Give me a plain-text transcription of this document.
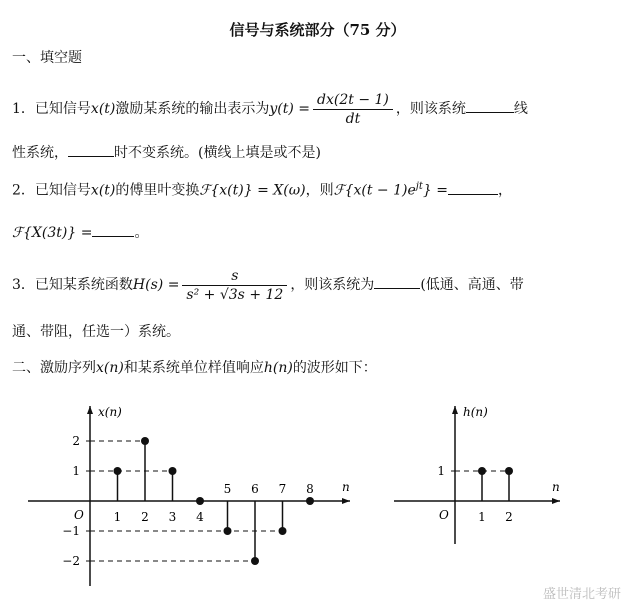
信号与系统部分（75 分）
一、填空题
1．已知信号x(t)激励某系统的输出表示为$y(t) = \frac{dx(2t - 1)}{dt}$ ，则该系统	线
性系统，	时不变系统。(横线上填是或不是)
2．已知信号x(t)的傅里叶变换ℱ{x(t)} = X(ω)，则ℱ{x(t − $1)e^{jt}$} =	，
ℱ{X(3t)} =	。
3．已知某系统函数$H(s) = \frac{s}{\text{s² + √3s + 12}}$ ，则该系统为	(低通、高通、带
通、带阻，任选一）系统。
二、激励序列x(n)和某系统单位样值响应h(n)的波形如下：
x(n)
n
O
2
1
−1
−2
1 2 3 4
5 6 7 8
h(n)
n
O
1
1 2
盛世清北考研
